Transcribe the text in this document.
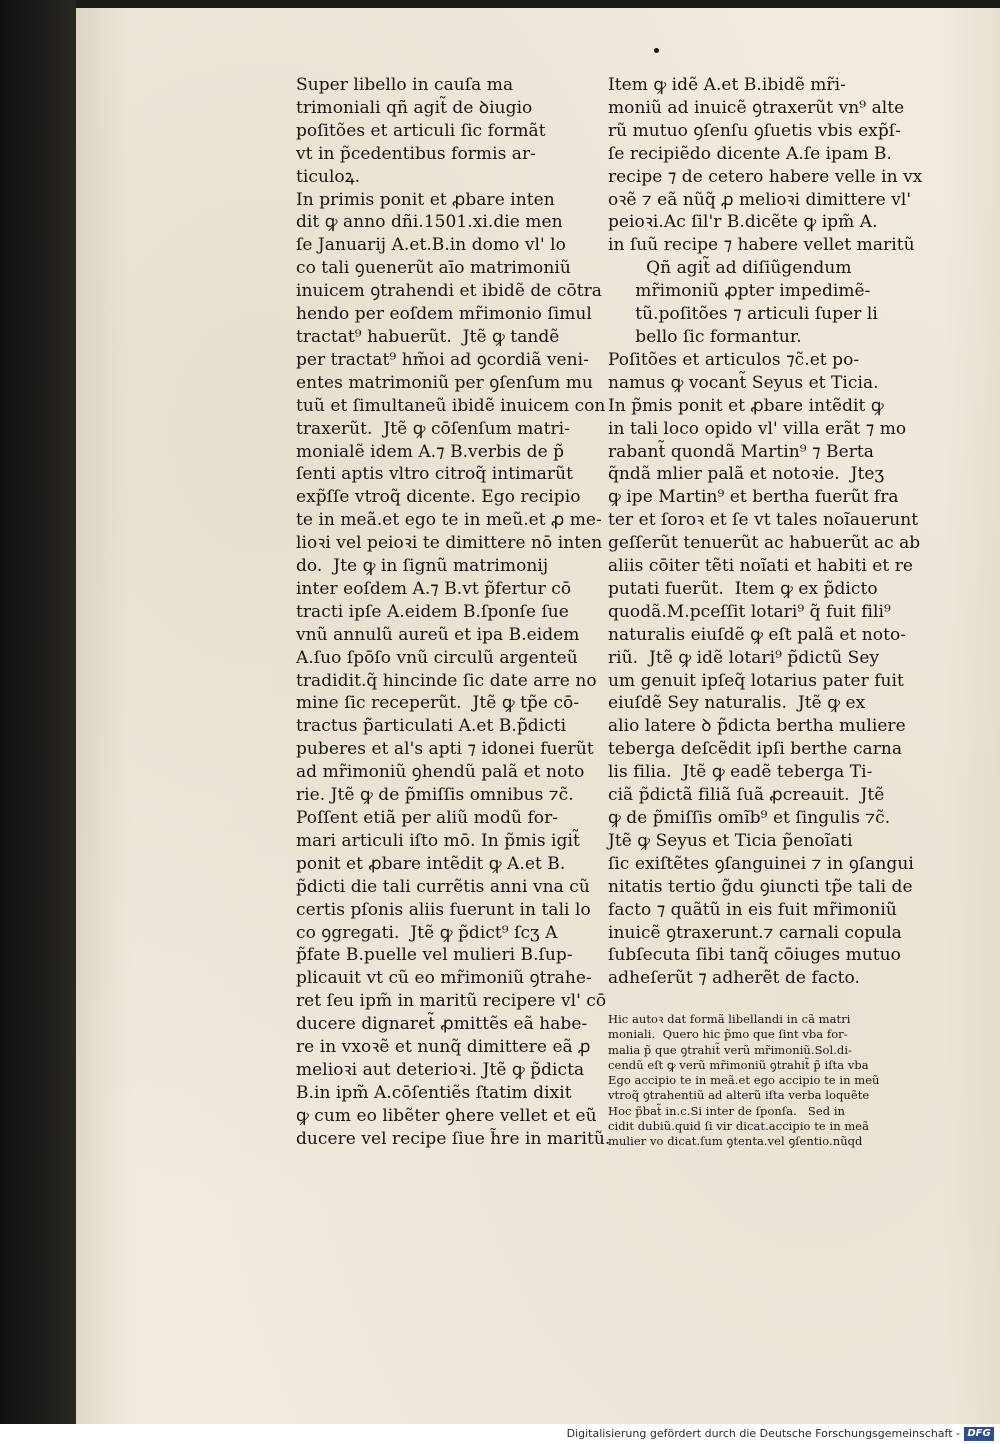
Super libello in cauſa ma
trimoniali qñ agit̃ de ꝺiugio
poſitões et articuli ſic formãt
vt in p̃cedentibus formis ar-
ticuloꝝ.
In primis ponit et ꝓbare inten
dit ꝙ anno dñi.1501.xi.die men
ſe Januarij A.et.B.in domo vl' lo
co tali ꝯuenerũt aīo matrimoniũ
inuicem ꝯtrahendi et ibidẽ de cōtra
hendo per eoſdem mr̃imonio ſimul
tractat⁹ habuerũt.  Jtẽ ꝙ tandẽ
per tractat⁹ hm̃oi ad ꝯcordiã veni-
entes matrimoniũ per ꝯſenſum mu
tuũ et ſimultaneũ ibidẽ inuicem con
traxerũt.  Jtẽ ꝙ cōſenſum matri-
monialẽ idem A.⁊ B.verbis de p̃
ſenti aptis vltro citroq̃ intimarũt
exp̃ſſe vtroq̃ dicente. Ego recipio
te in meã.et ego te in meũ.et ꝓ me-
lioꝛi vel peioꝛi te dimittere nō inten
do.  Jte ꝙ in ſignũ matrimonij
inter eoſdem A.⁊ B.vt p̃fertur cō
tracti ipſe A.eidem B.ſponſe ſue
vnũ annulũ aureũ et ipa B.eidem
A.ſuo ſpōſo vnũ circulũ argenteũ
tradidit.q̃ hincinde ſic date arre no
mine ſic receperũt.  Jtẽ ꝙ tp̃e cō-
tractus p̃articulati A.et B.p̃dicti
puberes et al's apti ⁊ idonei fuerũt
ad mr̃imoniũ ꝯhendũ palã et noto
rie. Jtẽ ꝙ de p̃miſſis omnibus ⁊c̃.
Poſſent etiã per aliũ modũ for-
mari articuli iſto mō. In p̃mis igit̃
ponit et ꝓbare intẽdit ꝙ A.et B.
p̃dicti die tali currẽtis anni vna cũ
certis pſonis aliis fuerunt in tali lo
co ꝯgregati.  Jtẽ ꝙ p̃dict⁹ ſcʒ A
p̃fate B.puelle vel mulieri B.ſup-
plicauit vt cũ eo mr̃imoniũ ꝯtrahe-
ret ſeu ipm̃ in maritũ recipere vl' cō
ducere dignaret̃ ꝓmittẽs eã habe-
re in vxoꝛẽ et nunq̃ dimittere eã ꝓ
melioꝛi aut deterioꝛi. Jtẽ ꝙ p̃dicta
B.in ipm̃ A.cōſentiẽs ſtatim dixit
ꝙ cum eo libẽter ꝯhere vellet et eũ
ducere vel recipe ſiue h̃re in maritũ.
Item ꝙ idẽ A.et B.ibidẽ mr̃i-
moniũ ad inuicẽ ꝯtraxerũt vn⁹ alte
rũ mutuo ꝯſenſu ꝯſuetis vbis exp̃ſ-
ſe recipiẽdo dicente A.ſe ipam B.
recipe ⁊ de cetero habere velle in vx
oꝛẽ ⁊ eã nũq̃ ꝓ melioꝛi dimittere vl'
peioꝛi.Ac ſil'r B.dicẽte ꝙ ipm̃ A.
in ſuũ recipe ⁊ habere vellet maritũ
Qñ agit̃ ad diſiũgendum
mr̃imoniũ ꝓpter impedimẽ-
tũ.poſitões ⁊ articuli ſuper li
bello ſic formantur.
Poſitões et articulos ⁊c̃.et po-
namus ꝙ vocant̃ Seyus et Ticia.
In p̃mis ponit et ꝓbare intẽdit ꝙ
in tali loco opido vl' villa erãt ⁊ mo
rabant̃ quondã Martin⁹ ⁊ Berta
q̃ndã mlier palã et notoꝛie.  Jteʒ
ꝙ ipe Martin⁹ et bertha fuerũt fra
ter et ſoroꝛ et ſe vt tales noĩauerunt
geſſerũt tenuerũt ac habuerũt ac ab
aliis cōiter tẽti noĩati et habiti et re
putati fuerũt.  Item ꝙ ex p̃dicto
quodã.M.pceſſit lotari⁹ q̃ fuit fili⁹
naturalis eiuſdẽ ꝙ eſt palã et noto-
riũ.  Jtẽ ꝙ idẽ lotari⁹ p̃dictũ Sey
um genuit ipſeq̃ lotarius pater fuit
eiuſdẽ Sey naturalis.  Jtẽ ꝙ ex
alio latere ꝺ p̃dicta bertha muliere
teberga deſcẽdit ipſi berthe carna
lis filia.  Jtẽ ꝙ eadẽ teberga Ti-
ciã p̃dictã filiã ſuã ꝓcreauit.  Jtẽ
ꝙ de p̃miſſis omĩb⁹ et ſingulis ⁊c̃.
Jtẽ ꝙ Seyus et Ticia p̃enoĩati
ſic exiſtẽtes ꝯſanguinei ⁊ in ꝯſangui
nitatis tertio g̃du ꝯiuncti tp̃e tali de
facto ⁊ quãtũ in eis fuit mr̃imoniũ
inuicẽ ꝯtraxerunt.⁊ carnali copula
ſubſecuta ſibi tanq̃ cōiuges mutuo
adheſerũt ⁊ adherẽt de facto.
Hic autoꝛ dat formã libellandi in cã matri
moniali.  Quero hic p̃mo que ſint vba for-
malia p̃ que ꝯtrahit̃ verũ mr̃imoniũ.Sol.di-
cendũ eſt ꝙ verũ mr̃imoniũ ꝯtrahit̃ p̃ iſta vba
Ego accipio te in meã.et ego accipio te in meũ
vtroq̃ ꝯtrahentiũ ad alterũ iſta verba loquẽte
Hoc p̃bat̃ in.c.Si inter de ſponſa.   Sed in
cidit dubiũ.quid ſi vir dicat.accipio te in meã
mulier vo dicat.ſum ꝯtenta.vel ꝯſentio.nũqd
Digitalisierung gefördert durch die Deutsche Forschungsgemeinschaft - DFG
